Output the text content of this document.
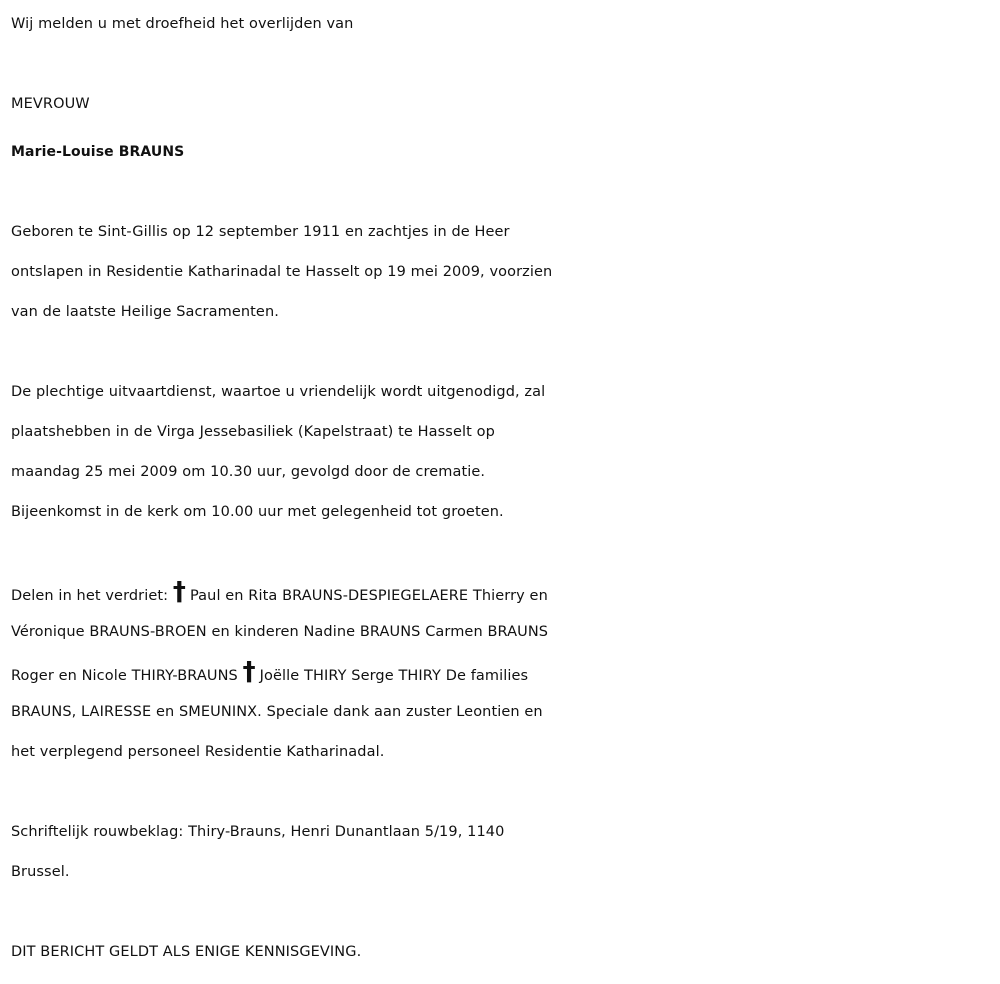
Wij melden u met droefheid het overlijden van
MEVROUW
Marie-Louise BRAUNS
Geboren te Sint-Gillis op 12 september 1911 en zachtjes in de Heer
ontslapen in Residentie Katharinadal te Hasselt op 19 mei 2009, voorzien
van de laatste Heilige Sacramenten.
De plechtige uitvaartdienst, waartoe u vriendelijk wordt uitgenodigd, zal
plaatshebben in de Virga Jessebasiliek (Kapelstraat) te Hasselt op
maandag 25 mei 2009 om 10.30 uur, gevolgd door de crematie.
Bijeenkomst in de kerk om 10.00 uur met gelegenheid tot groeten.
Delen in het verdriet: † Paul en Rita BRAUNS-DESPIEGELAERE Thierry en
Véronique BRAUNS-BROEN en kinderen Nadine BRAUNS Carmen BRAUNS
Roger en Nicole THIRY-BRAUNS † Joëlle THIRY Serge THIRY De families
BRAUNS, LAIRESSE en SMEUNINX. Speciale dank aan zuster Leontien en
het verplegend personeel Residentie Katharinadal.
Schriftelijk rouwbeklag: Thiry-Brauns, Henri Dunantlaan 5/19, 1140
Brussel.
DIT BERICHT GELDT ALS ENIGE KENNISGEVING.
